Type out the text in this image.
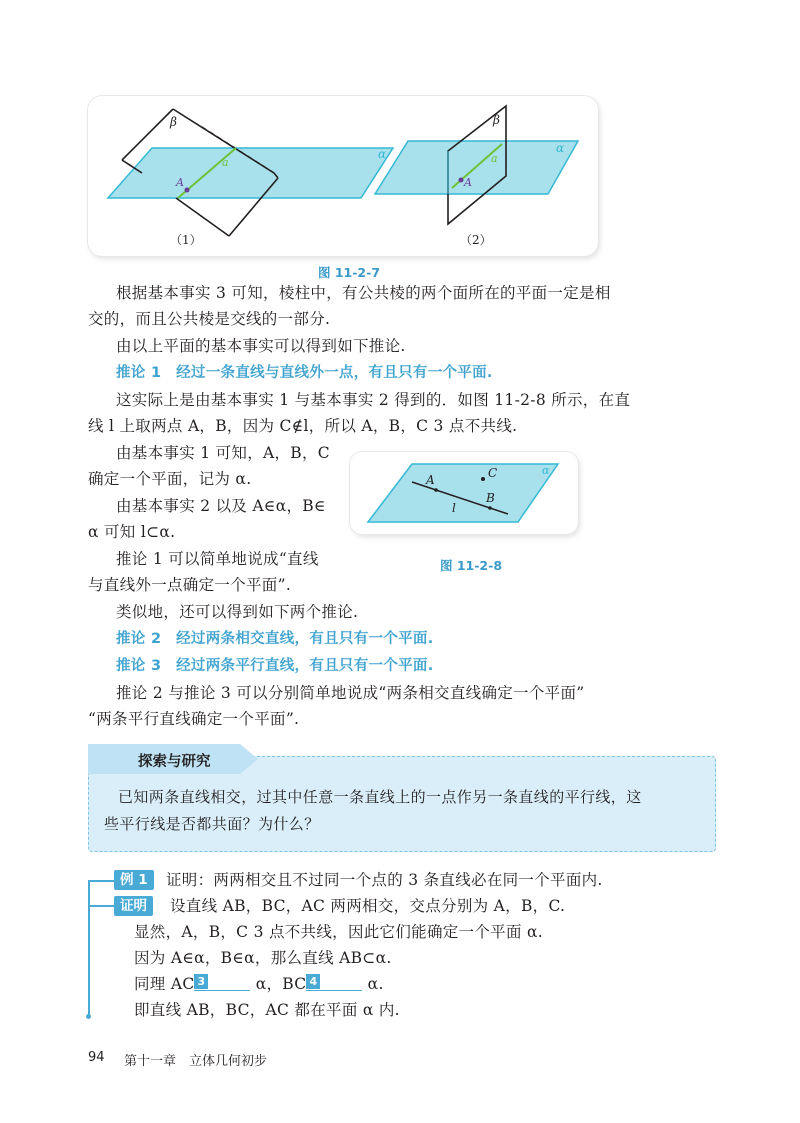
β
α
a
A
（1）
β
α
a
A
（2）
图 11-2-7
根据基本事实 3 可知，棱柱中，有公共棱的两个面所在的平面一定是相
交的，而且公共棱是交线的一部分.
由以上平面的基本事实可以得到如下推论.
推论 1　经过一条直线与直线外一点，有且只有一个平面.
这实际上是由基本事实 1 与基本事实 2 得到的．如图 11-2-8 所示，在直
线 l 上取两点 A，B，因为 C∉l，所以 A，B，C 3 点不共线.
由基本事实 1 可知，A，B，C
确定一个平面，记为 α.
由基本事实 2 以及 A∈α，B∈
α 可知 l⊂α.
推论 1 可以简单地说成“直线
与直线外一点确定一个平面”.
A
B
C
l
α
图 11-2-8
类似地，还可以得到如下两个推论.
推论 2　经过两条相交直线，有且只有一个平面.
推论 3　经过两条平行直线，有且只有一个平面.
推论 2 与推论 3 可以分别简单地说成“两条相交直线确定一个平面”
“两条平行直线确定一个平面”.
探索与研究
已知两条直线相交，过其中任意一条直线上的一点作另一条直线的平行线，这
些平行线是否都共面？为什么？
例 1	证明：两两相交且不过同一个点的 3 条直线必在同一个平面内.
证明	设直线 AB，BC，AC 两两相交，交点分别为 A，B，C.
显然，A，B，C 3 点不共线，因此它们能确定一个平面 α.
因为 A∈α，B∈α，那么直线 AB⊂α.
同理 AC 3	α，BC 4	α.
即直线 AB，BC，AC 都在平面 α 内.
94 第十一章　立体几何初步
